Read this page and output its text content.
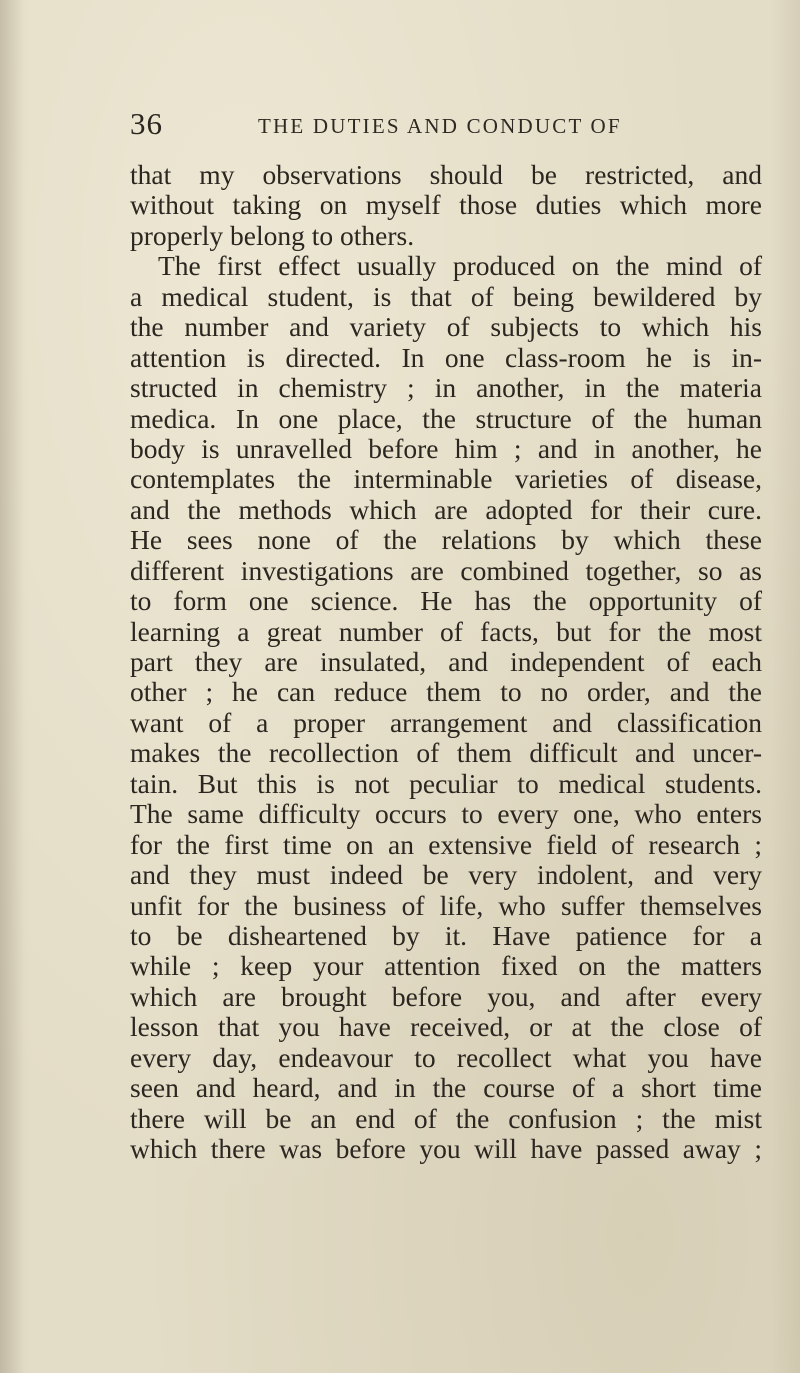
36	THE DUTIES AND CONDUCT OF
that my observations should be restricted, and
without taking on myself those duties which more
properly belong to others.
The first effect usually produced on the mind of
a medical student, is that of being bewildered by
the number and variety of subjects to which his
attention is directed. In one class-room he is in-
structed in chemistry ; in another, in the materia
medica. In one place, the structure of the human
body is unravelled before him ; and in another, he
contemplates the interminable varieties of disease,
and the methods which are adopted for their cure.
He sees none of the relations by which these
different investigations are combined together, so as
to form one science. He has the opportunity of
learning a great number of facts, but for the most
part they are insulated, and independent of each
other ; he can reduce them to no order, and the
want of a proper arrangement and classification
makes the recollection of them difficult and uncer-
tain. But this is not peculiar to medical students.
The same difficulty occurs to every one, who enters
for the first time on an extensive field of research ;
and they must indeed be very indolent, and very
unfit for the business of life, who suffer themselves
to be disheartened by it. Have patience for a
while ; keep your attention fixed on the matters
which are brought before you, and after every
lesson that you have received, or at the close of
every day, endeavour to recollect what you have
seen and heard, and in the course of a short time
there will be an end of the confusion ; the mist
which there was before you will have passed away ;
